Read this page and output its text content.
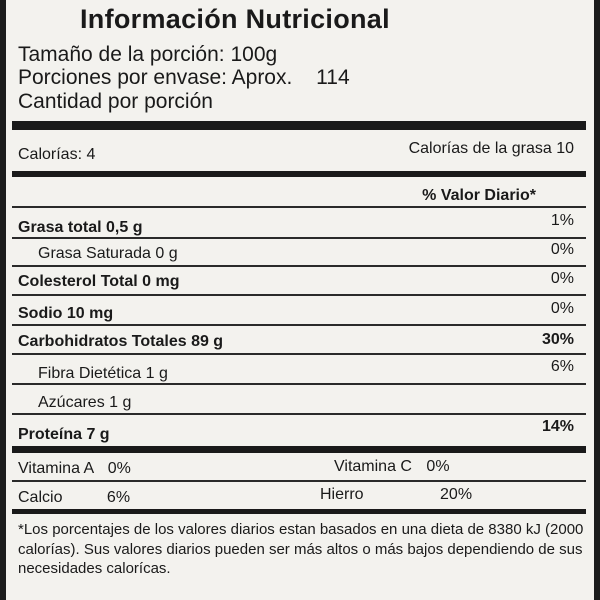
Información Nutricional
Tamaño de la porción: 100g
Porciones por envase: Aprox. 114
Cantidad por porción
Calorías: 4	Calorías de la grasa 10
% Valor Diario*
Grasa total 0,5 g	1%
Grasa Saturada 0 g	0%
Colesterol Total 0 mg	0%
Sodio 10 mg	0%
Carbohidratos Totales 89 g	30%
Fibra Dietética 1 g	6%
Azúcares 1 g
Proteína 7 g	14%
Vitamina A 0%	Vitamina C 0%
Calcio	6%	Hierro	20%
*Los porcentajes de los valores diarios estan basados en una dieta de 8380 kJ (2000 calorías). Sus valores diarios pueden ser más altos o más bajos dependiendo de sus necesidades calorícas.
